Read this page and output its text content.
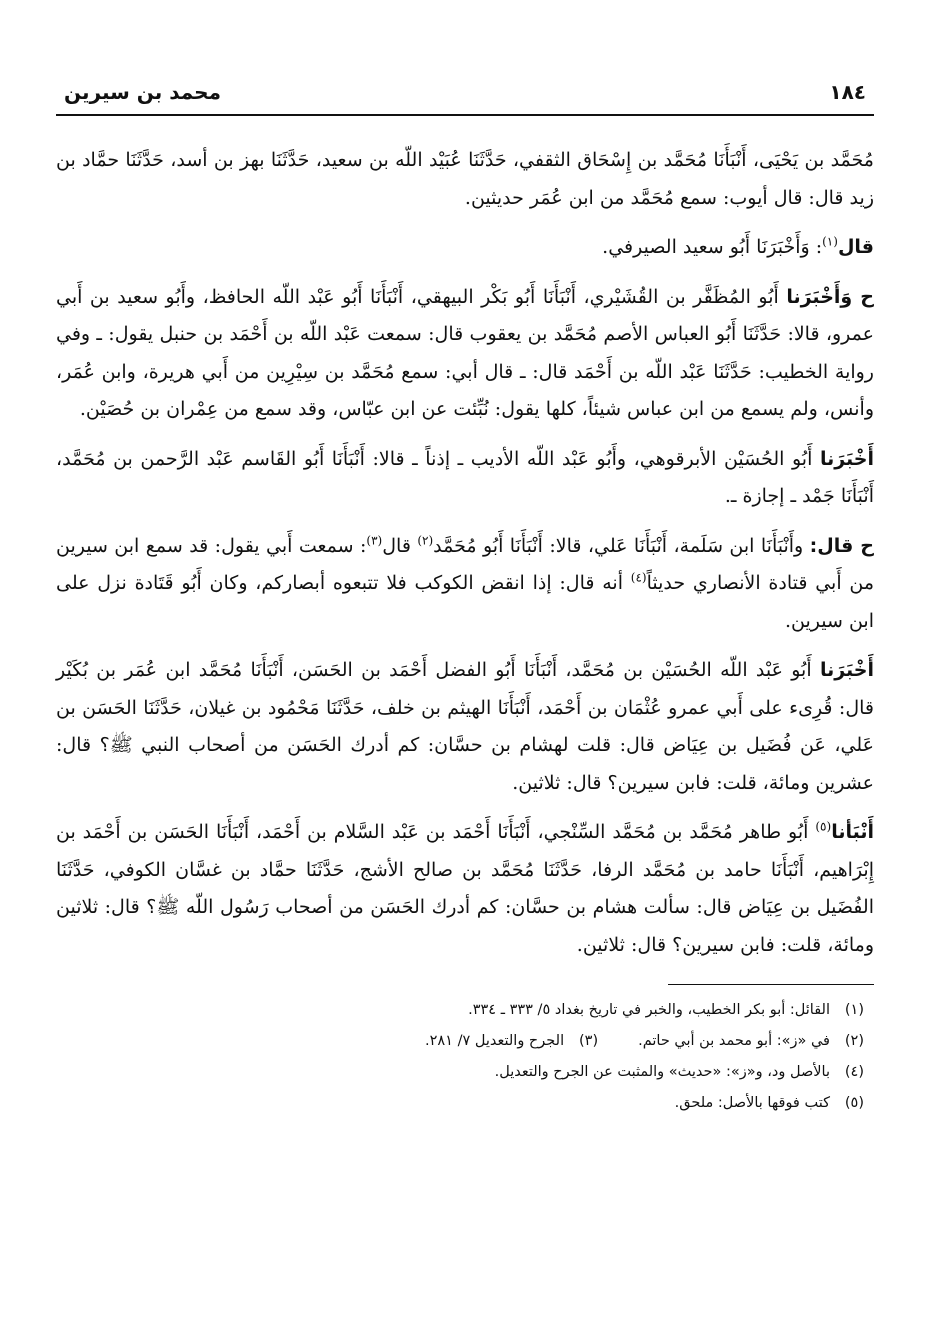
١٨٤
محمد بن سيرين

مُحَمَّد بن يَحْيَى، أَنْبَأَنَا مُحَمَّد بن إِسْحَاق الثقفي، حَدَّثَنَا عُبَيْد اللّه بن سعيد، حَدَّثَنَا بهز بن أسد، حَدَّثَنَا حمَّاد بن زيد قال: قال أيوب: سمع مُحَمَّد من ابن عُمَر حديثين.

قال$^{(١)}$: وَأَخْبَرَنَا أَبُو سعيد الصيرفي.

ح وَأَخْبَرَنا أَبُو المُظَفَّر بن القُشَيْري، أَنْبَأَنَا أَبُو بَكْر البيهقي، أَنْبَأَنَا أَبُو عَبْد اللّه الحافظ، وأَبُو سعيد بن أَبي عمرو، قالا: حَدَّثَنَا أَبُو العباس الأصم مُحَمَّد بن يعقوب قال: سمعت عَبْد اللّه بن أَحْمَد بن حنبل يقول: ـ وفي رواية الخطيب: حَدَّثَنَا عَبْد اللّه بن أَحْمَد قال: ـ قال أبي: سمع مُحَمَّد بن سِيْرِين من أَبي هريرة، وابن عُمَر، وأنس، ولم يسمع من ابن عباس شيئاً، كلها يقول: نُبِّئت عن ابن عبّاس، وقد سمع من عِمْران بن حُصَيْن.

أَخْبَرَنا أَبُو الحُسَيْن الأبرقوهي، وأَبُو عَبْد اللّه الأديب ـ إذناً ـ قالا: أَنْبَأَنَا أَبُو القَاسم عَبْد الرَّحمن بن مُحَمَّد، أَنْبَأَنَا جَمْد ـ إجازة ـ.

ح قال: وأَنْبَأَنَا ابن سَلَمة، أَنْبَأَنَا عَلي، قالا: أَنْبَأَنَا أَبُو مُحَمَّد$^{(٢)}$ قال$^{(٣)}$: سمعت أَبي يقول: قد سمع ابن سيرين من أَبي قتادة الأنصاري حديثاً$^{(٤)}$ أنه قال: إذا انقض الكوكب فلا تتبعوه أبصاركم، وكان أَبُو قَتَادة نزل على ابن سيرين.

أَخْبَرَنا أَبُو عَبْد اللّه الحُسَيْن بن مُحَمَّد، أَنْبَأَنَا أَبُو الفضل أَحْمَد بن الحَسَن، أَنْبَأَنَا مُحَمَّد ابن عُمَر بن بُكَيْر قال: قُرِىء على أَبي عمرو عُثْمَان بن أَحْمَد، أَنْبَأَنَا الهيثم بن خلف، حَدَّثَنَا مَحْمُود بن غيلان، حَدَّثَنَا الحَسَن بن عَلي، عَن فُضَيل بن عِيَاض قال: قلت لهشام بن حسَّان: كم أدرك الحَسَن من أصحاب النبي ﷺ؟ قال: عشرين ومائة، قلت: فابن سيرين؟ قال: ثلاثين.

أَنْبَأنا$^{(٥)}$ أَبُو طاهر مُحَمَّد بن مُحَمَّد السِّنْجي، أَنْبَأَنَا أَحْمَد بن عَبْد السَّلام بن أَحْمَد، أَنْبَأَنَا الحَسَن بن أَحْمَد بن إِبْرَاهيم، أَنْبَأَنَا حامد بن مُحَمَّد الرفا، حَدَّثَنَا مُحَمَّد بن صالح الأشج، حَدَّثَنَا حمَّاد بن غسَّان الكوفي، حَدَّثَنَا الفُضَيل بن عِيَاض قال: سألت هشام بن حسَّان: كم أدرك الحَسَن من أصحاب رَسُول اللّه ﷺ؟ قال: ثلاثين ومائة، قلت: فابن سيرين؟ قال: ثلاثين.

(١)القائل: أبو بكر الخطيب، والخبر في تاريخ بغداد ٥/ ٣٣٣ ـ ٣٣٤.
(٢)في «ز»: أبو محمد بن أبي حاتم.
(٣)الجرح والتعديل ٧/ ٢٨١.
(٤)بالأصل ود، و«ز»: «حديث» والمثبت عن الجرح والتعديل.
(٥)كتب فوقها بالأصل: ملحق.
